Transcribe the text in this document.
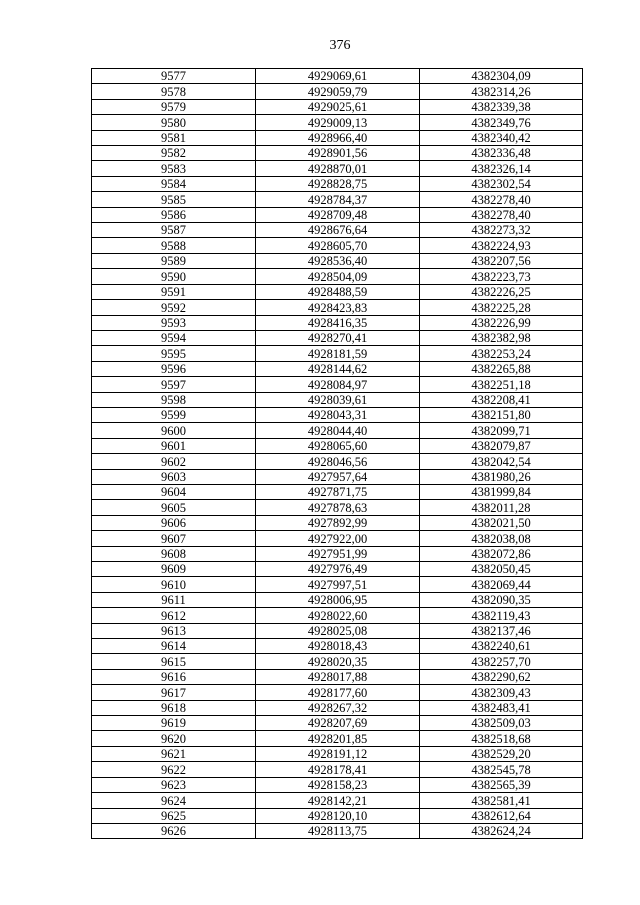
376
9577	4929069,61	4382304,09
9578	4929059,79	4382314,26
9579	4929025,61	4382339,38
9580	4929009,13	4382349,76
9581	4928966,40	4382340,42
9582	4928901,56	4382336,48
9583	4928870,01	4382326,14
9584	4928828,75	4382302,54
9585	4928784,37	4382278,40
9586	4928709,48	4382278,40
9587	4928676,64	4382273,32
9588	4928605,70	4382224,93
9589	4928536,40	4382207,56
9590	4928504,09	4382223,73
9591	4928488,59	4382226,25
9592	4928423,83	4382225,28
9593	4928416,35	4382226,99
9594	4928270,41	4382382,98
9595	4928181,59	4382253,24
9596	4928144,62	4382265,88
9597	4928084,97	4382251,18
9598	4928039,61	4382208,41
9599	4928043,31	4382151,80
9600	4928044,40	4382099,71
9601	4928065,60	4382079,87
9602	4928046,56	4382042,54
9603	4927957,64	4381980,26
9604	4927871,75	4381999,84
9605	4927878,63	4382011,28
9606	4927892,99	4382021,50
9607	4927922,00	4382038,08
9608	4927951,99	4382072,86
9609	4927976,49	4382050,45
9610	4927997,51	4382069,44
9611	4928006,95	4382090,35
9612	4928022,60	4382119,43
9613	4928025,08	4382137,46
9614	4928018,43	4382240,61
9615	4928020,35	4382257,70
9616	4928017,88	4382290,62
9617	4928177,60	4382309,43
9618	4928267,32	4382483,41
9619	4928207,69	4382509,03
9620	4928201,85	4382518,68
9621	4928191,12	4382529,20
9622	4928178,41	4382545,78
9623	4928158,23	4382565,39
9624	4928142,21	4382581,41
9625	4928120,10	4382612,64
9626	4928113,75	4382624,24
